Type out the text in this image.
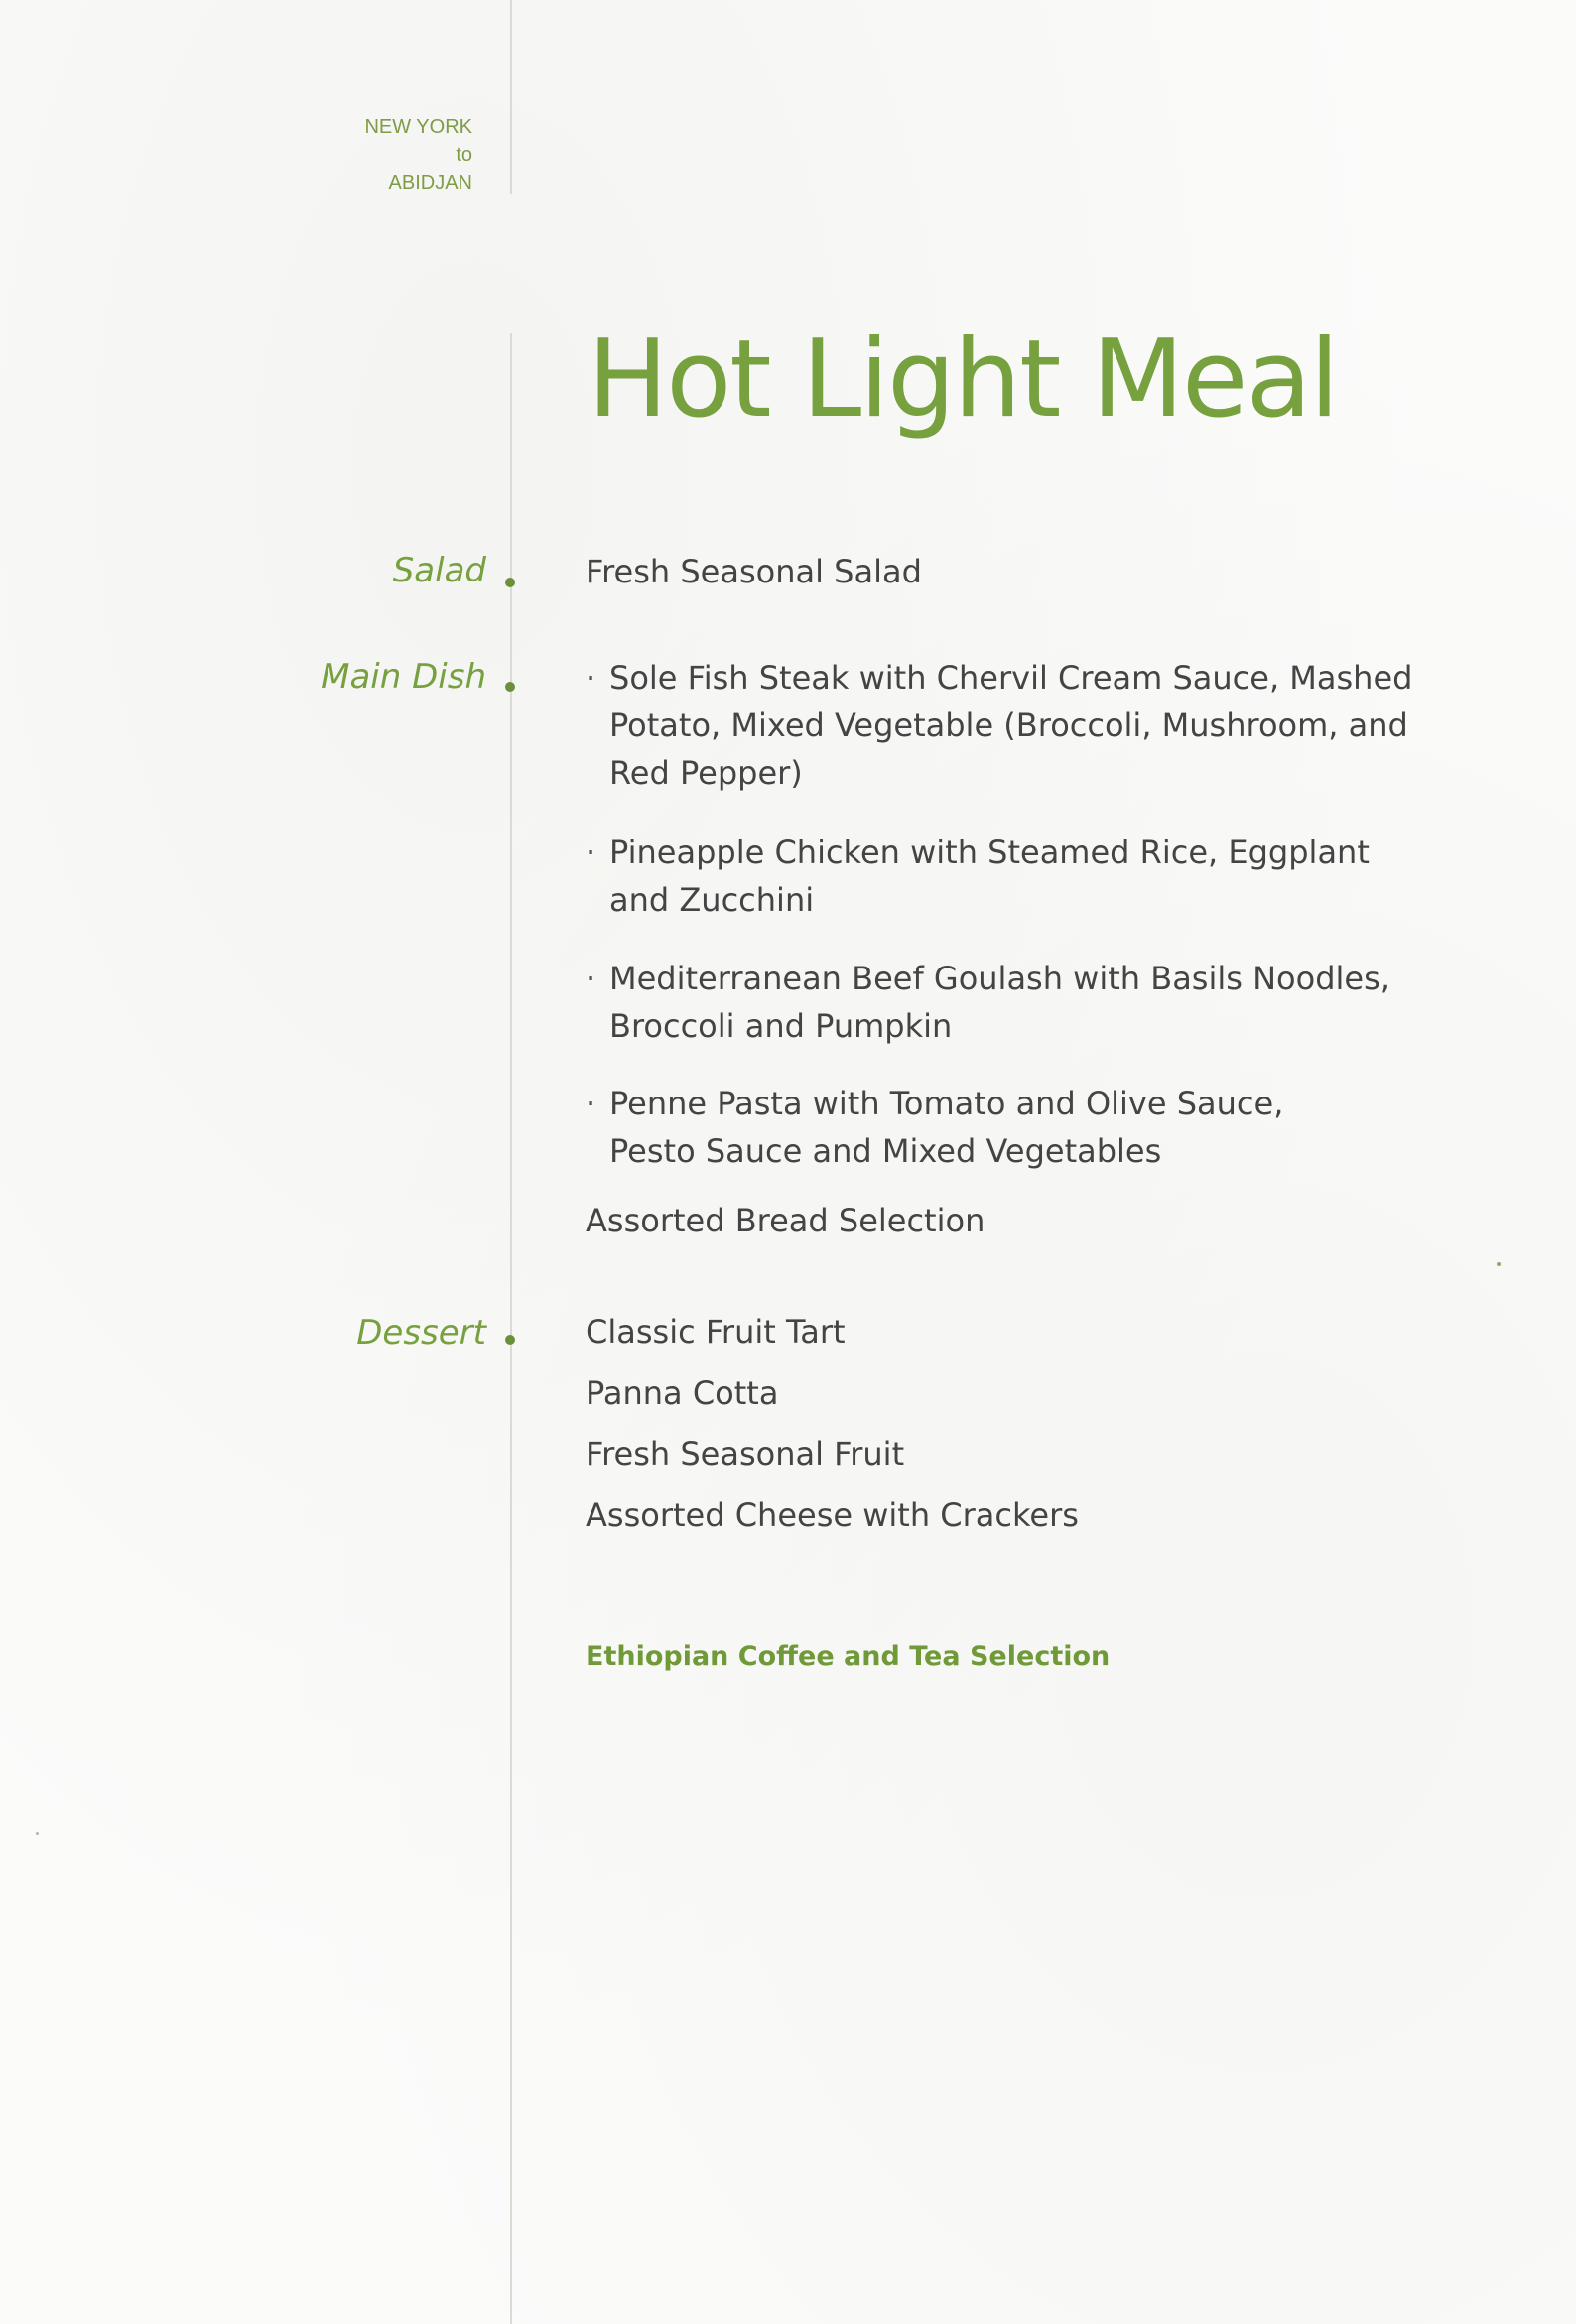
NEW YORK
to
ABIDJAN
Hot Light Meal
Salad	Fresh Seasonal Salad
Main Dish	· Sole Fish Steak with Chervil Cream Sauce, Mashed Potato, Mixed Vegetable (Broccoli, Mushroom, and Red Pepper)
· Pineapple Chicken with Steamed Rice, Eggplant and Zucchini
· Mediterranean Beef Goulash with Basils Noodles, Broccoli and Pumpkin
· Penne Pasta with Tomato and Olive Sauce, Pesto Sauce and Mixed Vegetables
Assorted Bread Selection
Dessert	Classic Fruit Tart
Panna Cotta
Fresh Seasonal Fruit
Assorted Cheese with Crackers
Ethiopian Coffee and Tea Selection
